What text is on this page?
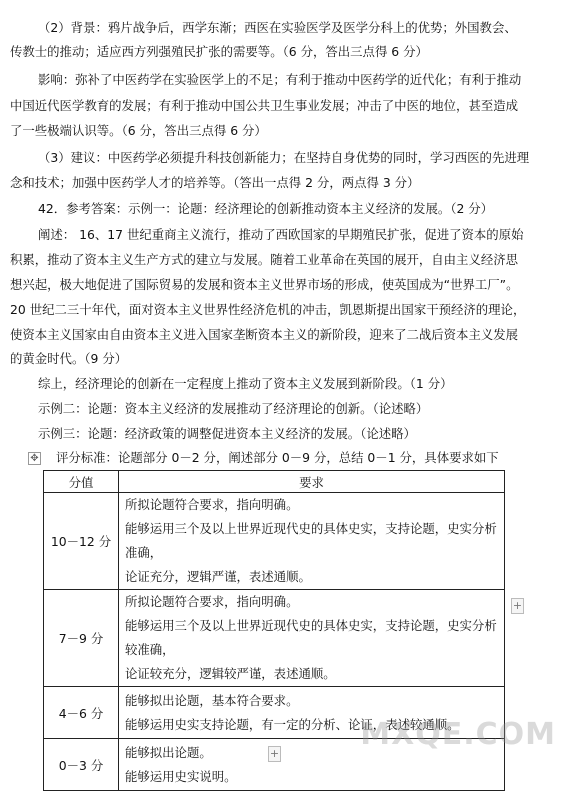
（2）背景：鸦片战争后，西学东渐；西医在实验医学及医学分科上的优势；外国教会、
传教士的推动；适应西方列强殖民扩张的需要等。（6 分，答出三点得 6 分）
影响：弥补了中医药学在实验医学上的不足；有利于推动中医药学的近代化；有利于推动
中国近代医学教育的发展；有利于推动中国公共卫生事业发展；冲击了中医的地位，甚至造成
了一些极端认识等。（6 分，答出三点得 6 分）
（3）建议：中医药学必须提升科技创新能力；在坚持自身优势的同时，学习西医的先进理
念和技术；加强中医药学人才的培养等。（答出一点得 2 分，两点得 3 分）
42．参考答案：示例一：论题：经济理论的创新推动资本主义经济的发展。（2 分）
阐述： 16、17 世纪重商主义流行，推动了西欧国家的早期殖民扩张，促进了资本的原始
积累，推动了资本主义生产方式的建立与发展。随着工业革命在英国的展开，自由主义经济思
想兴起，极大地促进了国际贸易的发展和资本主义世界市场的形成，使英国成为“世界工厂”。
20 世纪二三十年代，面对资本主义世界性经济危机的冲击，凯恩斯提出国家干预经济的理论，
使资本主义国家由自由资本主义进入国家垄断资本主义的新阶段，迎来了二战后资本主义发展
的黄金时代。（9 分）
综上，经济理论的创新在一定程度上推动了资本主义发展到新阶段。（1 分）
示例二：论题：资本主义经济的发展推动了经济理论的创新。（论述略）
示例三：论题：经济政策的调整促进资本主义经济的发展。（论述略）
评分标准：论题部分 0－2 分，阐述部分 0－9 分，总结 0－1 分，具体要求如下
✥
分值	要求
10－12 分	所拟论题符合要求，指向明确。
能够运用三个及以上世界近现代史的具体史实，支持论题，史实分析准确，
论证充分，逻辑严谨，表述通顺。

7－9 分	所拟论题符合要求，指向明确。
能够运用三个及以上世界近现代史的具体史实，支持论题，史实分析较准确，
论证较充分，逻辑较严谨，表述通顺。

4－6 分	能够拟出论题，基本符合要求。
能够运用史实支持论题，有一定的分析、论证，表述较通顺。

0－3 分	能够拟出论题。
能够运用史实说明。
+
+
MXQE.COM
